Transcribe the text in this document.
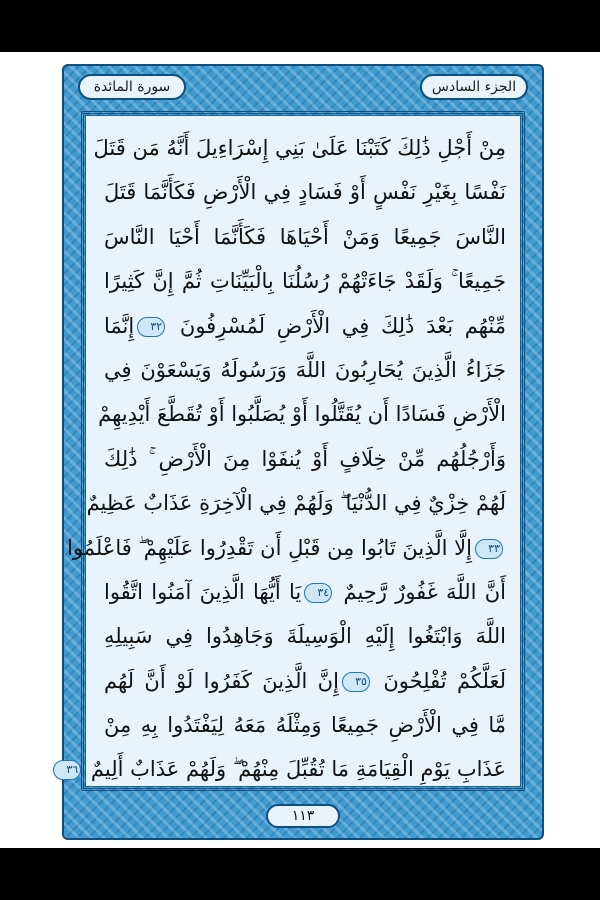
الجزء السادس
سورة المائدة
مِنْ أَجْلِ ذَٰلِكَ كَتَبْنَا عَلَىٰ بَنِي إِسْرَاءِيلَ أَنَّهُ مَن قَتَلَ
نَفْسًا بِغَيْرِ نَفْسٍ أَوْ فَسَادٍ فِي الْأَرْضِ فَكَأَنَّمَا قَتَلَ
النَّاسَ جَمِيعًا وَمَنْ أَحْيَاهَا فَكَأَنَّمَا أَحْيَا النَّاسَ
جَمِيعًا ۚ وَلَقَدْ جَاءَتْهُمْ رُسُلُنَا بِالْبَيِّنَاتِ ثُمَّ إِنَّ كَثِيرًا
مِّنْهُم بَعْدَ ذَٰلِكَ فِي الْأَرْضِ لَمُسْرِفُونَ ٣٢إِنَّمَا
جَزَاءُ الَّذِينَ يُحَارِبُونَ اللَّهَ وَرَسُولَهُ وَيَسْعَوْنَ فِي
الْأَرْضِ فَسَادًا أَن يُقَتَّلُوا أَوْ يُصَلَّبُوا أَوْ تُقَطَّعَ أَيْدِيهِمْ
وَأَرْجُلُهُم مِّنْ خِلَافٍ أَوْ يُنفَوْا مِنَ الْأَرْضِ ۚ ذَٰلِكَ
لَهُمْ خِزْيٌ فِي الدُّنْيَا ۖ وَلَهُمْ فِي الْآخِرَةِ عَذَابٌ عَظِيمٌ
٣٣إِلَّا الَّذِينَ تَابُوا مِن قَبْلِ أَن تَقْدِرُوا عَلَيْهِمْ ۖ فَاعْلَمُوا
أَنَّ اللَّهَ غَفُورٌ رَّحِيمٌ ٣٤يَا أَيُّهَا الَّذِينَ آمَنُوا اتَّقُوا
اللَّهَ وَابْتَغُوا إِلَيْهِ الْوَسِيلَةَ وَجَاهِدُوا فِي سَبِيلِهِ
لَعَلَّكُمْ تُفْلِحُونَ ٣٥إِنَّ الَّذِينَ كَفَرُوا لَوْ أَنَّ لَهُم
مَّا فِي الْأَرْضِ جَمِيعًا وَمِثْلَهُ مَعَهُ لِيَفْتَدُوا بِهِ مِنْ
عَذَابِ يَوْمِ الْقِيَامَةِ مَا تُقُبِّلَ مِنْهُمْ ۖ وَلَهُمْ عَذَابٌ أَلِيمٌ ٣٦
١١٣
